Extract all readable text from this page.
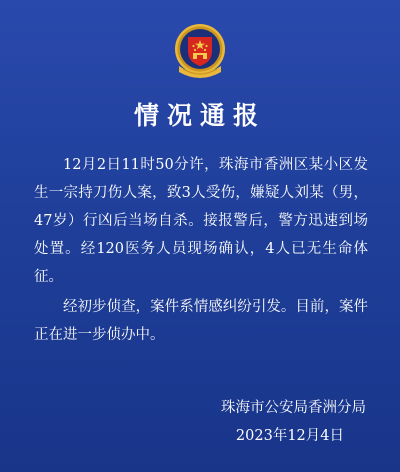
情况通报

12月2日11时50分许，珠海市香洲区某小区发生一宗持刀伤人案，致3人受伤，嫌疑人刘某（男，47岁）行凶后当场自杀。接报警后，警方迅速到场处置。经120医务人员现场确认，4人已无生命体征。

经初步侦查，案件系情感纠纷引发。目前，案件正在进一步侦办中。

珠海市公安局香洲分局
2023年12月4日
